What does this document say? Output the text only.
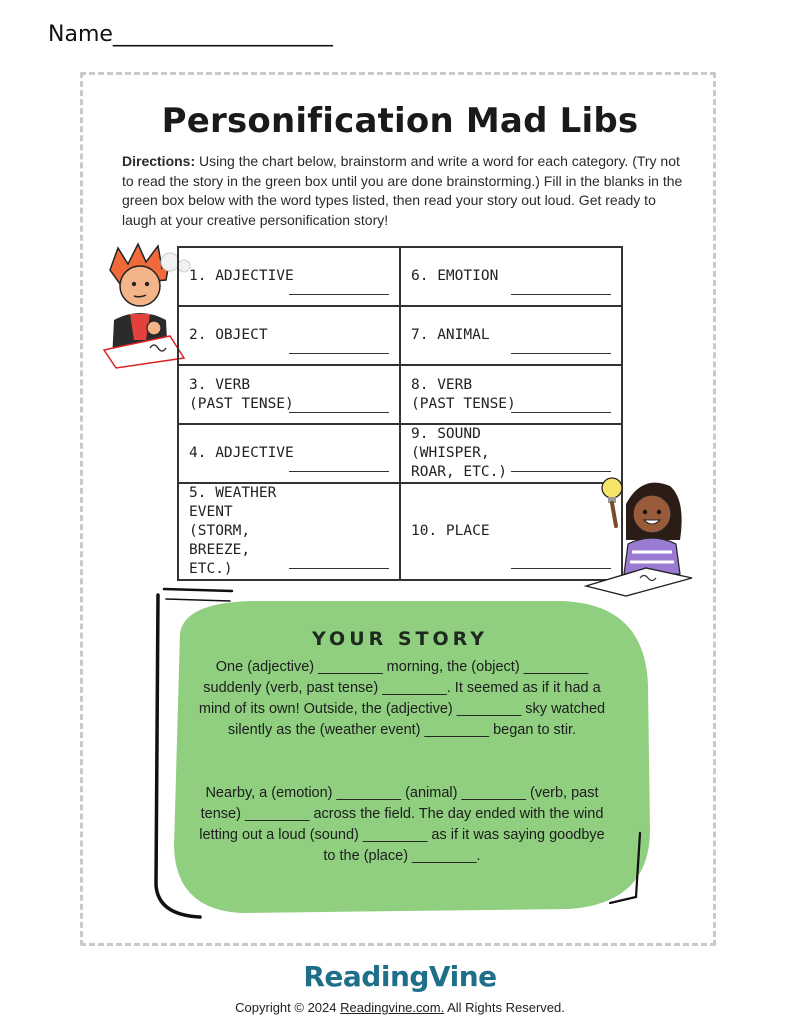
Name____________________
Personification Mad Libs
Directions: Using the chart below, brainstorm and write a word for each category. (Try not to read the story in the green box until you are done brainstorming.) Fill in the blanks in the green box below with the word types listed, then read your story out loud. Get ready to laugh at your creative personification story!
1. ADJECTIVE	6. EMOTION

2. OBJECT	7. ANIMAL

3. VERB (PAST TENSE)	8. VERB (PAST TENSE)

4. ADJECTIVE	9. SOUND (WHISPER, ROAR, ETC.)

5. WEATHER EVENT (STORM, BREEZE, ETC.)	10. PLACE
YOUR STORY
One (adjective) ________ morning, the (object) ________ suddenly (verb, past tense) ________. It seemed as if it had a mind of its own! Outside, the (adjective) ________ sky watched silently as the (weather event) ________ began to stir.
Nearby, a (emotion) ________ (animal) ________ (verb, past tense) ________ across the field. The day ended with the wind letting out a loud (sound) ________ as if it was saying goodbye to the (place) ________.
ReadingVine
Copyright © 2024 Readingvine.com. All Rights Reserved.
